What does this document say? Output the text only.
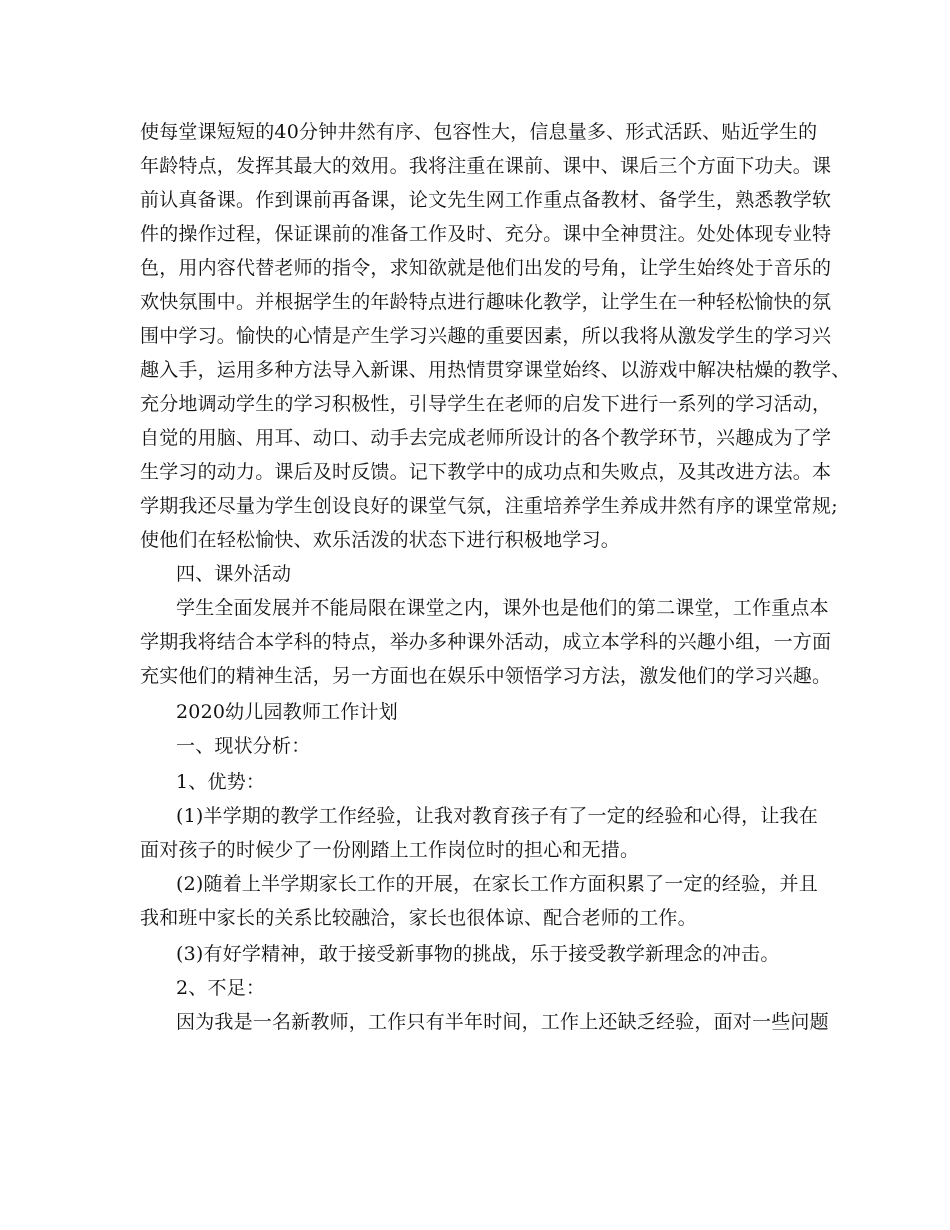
使每堂课短短的40分钟井然有序、包容性大，信息量多、形式活跃、贴近学生的
年龄特点，发挥其最大的效用。我将注重在课前、课中、课后三个方面下功夫。课
前认真备课。作到课前再备课，论文先生网工作重点备教材、备学生，熟悉教学软
件的操作过程，保证课前的准备工作及时、充分。课中全神贯注。处处体现专业特
色，用内容代替老师的指令，求知欲就是他们出发的号角，让学生始终处于音乐的
欢快氛围中。并根据学生的年龄特点进行趣味化教学，让学生在一种轻松愉快的氛
围中学习。愉快的心情是产生学习兴趣的重要因素，所以我将从激发学生的学习兴
趣入手，运用多种方法导入新课、用热情贯穿课堂始终、以游戏中解决枯燥的教学、
充分地调动学生的学习积极性，引导学生在老师的启发下进行一系列的学习活动，
自觉的用脑、用耳、动口、动手去完成老师所设计的各个教学环节，兴趣成为了学
生学习的动力。课后及时反馈。记下教学中的成功点和失败点，及其改进方法。本
学期我还尽量为学生创设良好的课堂气氛，注重培养学生养成井然有序的课堂常规;
使他们在轻松愉快、欢乐活泼的状态下进行积极地学习。
四、课外活动
学生全面发展并不能局限在课堂之内，课外也是他们的第二课堂，工作重点本
学期我将结合本学科的特点，举办多种课外活动，成立本学科的兴趣小组，一方面
充实他们的精神生活，另一方面也在娱乐中领悟学习方法，激发他们的学习兴趣。
2020幼儿园教师工作计划
一、现状分析：
1、优势：
(1)半学期的教学工作经验，让我对教育孩子有了一定的经验和心得，让我在
面对孩子的时候少了一份刚踏上工作岗位时的担心和无措。
(2)随着上半学期家长工作的开展，在家长工作方面积累了一定的经验，并且
我和班中家长的关系比较融洽，家长也很体谅、配合老师的工作。
(3)有好学精神，敢于接受新事物的挑战，乐于接受教学新理念的冲击。
2、不足：
因为我是一名新教师，工作只有半年时间，工作上还缺乏经验，面对一些问题
